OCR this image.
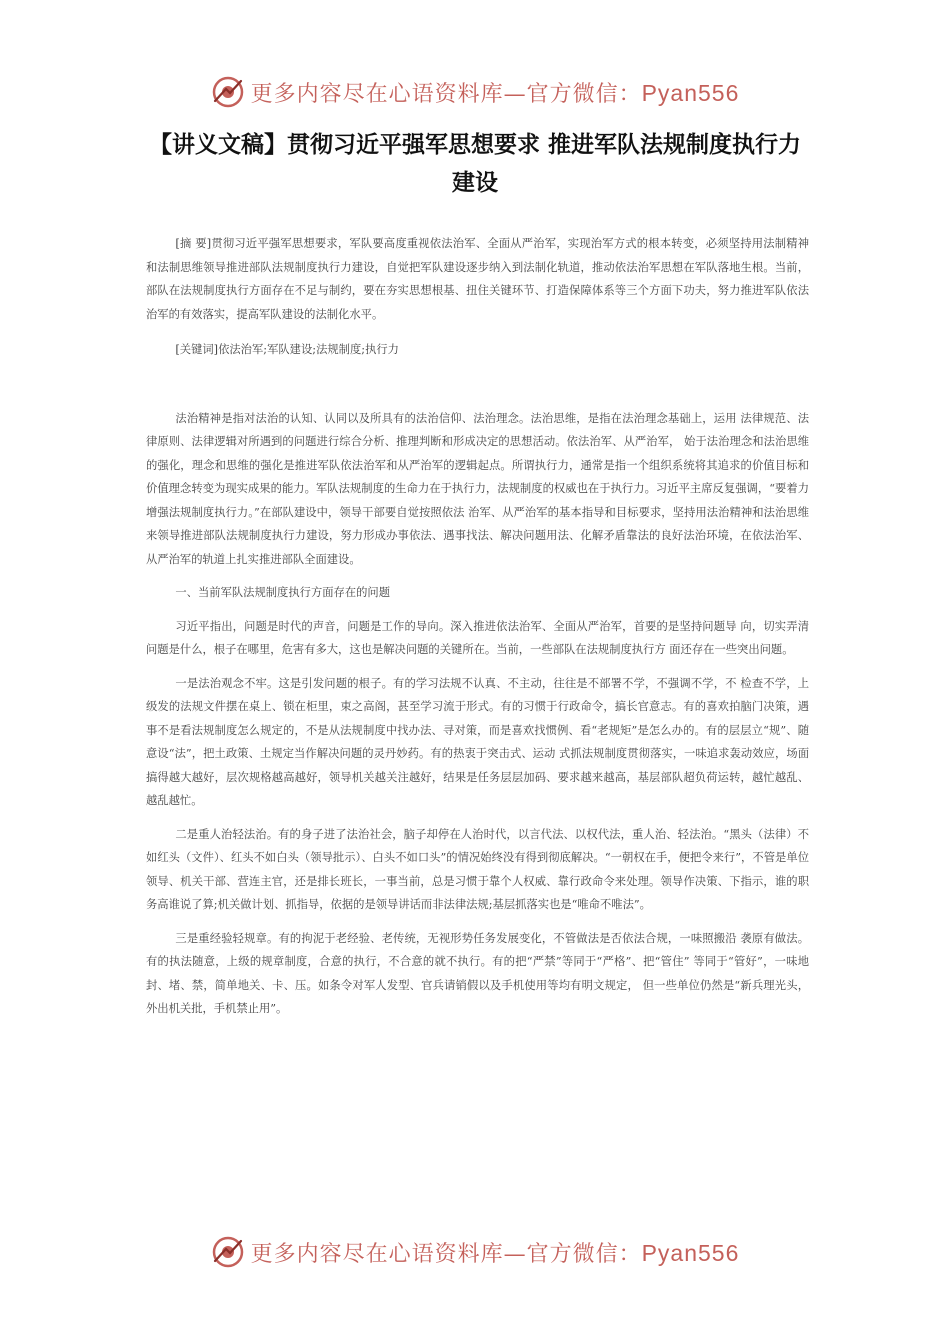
更多内容尽在心语资料库—官方微信：Pyan556
【讲义文稿】贯彻习近平强军思想要求 推进军队法规制度执行力建设

[摘 要]贯彻习近平强军思想要求，军队要高度重视依法治军、全面从严治军，实现治军方式的根本转变，必须坚持用法制精神和法制思维领导推进部队法规制度执行力建设，自觉把军队建设逐步纳入到法制化轨道，推动依法治军思想在军队落地生根。当前，部队在法规制度执行方面存在不足与制约，要在夯实思想根基、扭住关键环节、打造保障体系等三个方面下功夫，努力推进军队依法治军的有效落实，提高军队建设的法制化水平。

[关键词]依法治军;军队建设;法规制度;执行力

法治精神是指对法治的认知、认同以及所具有的法治信仰、法治理念。法治思维，是指在法治理念基础上，运用 法律规范、法律原则、法律逻辑对所遇到的问题进行综合分析、推理判断和形成决定的思想活动。依法治军、从严治军， 始于法治理念和法治思维的强化，理念和思维的强化是推进军队依法治军和从严治军的逻辑起点。所谓执行力，通常是指一个组织系统将其追求的价值目标和价值理念转变为现实成果的能力。军队法规制度的生命力在于执行力，法规制度的权威也在于执行力。习近平主席反复强调，“要着力增强法规制度执行力。”在部队建设中，领导干部要自觉按照依法 治军、从严治军的基本指导和目标要求，坚持用法治精神和法治思维来领导推进部队法规制度执行力建设，努力形成办事依法、遇事找法、解决问题用法、化解矛盾靠法的良好法治环境，在依法治军、从严治军的轨道上扎实推进部队全面建设。

一、当前军队法规制度执行方面存在的问题

习近平指出，问题是时代的声音，问题是工作的导向。深入推进依法治军、全面从严治军，首要的是坚持问题导 向，切实弄清问题是什么，根子在哪里，危害有多大，这也是解决问题的关键所在。当前，一些部队在法规制度执行方 面还存在一些突出问题。

一是法治观念不牢。这是引发问题的根子。有的学习法规不认真、不主动，往往是不部署不学，不强调不学，不 检查不学，上级发的法规文件摆在桌上、锁在柜里，束之高阁，甚至学习流于形式。有的习惯于行政命令，搞长官意志。有的喜欢拍脑门决策，遇事不是看法规制度怎么规定的，不是从法规制度中找办法、寻对策，而是喜欢找惯例、看“老规矩”是怎么办的。有的层层立“规”、随意设“法”，把土政策、土规定当作解决问题的灵丹妙药。有的热衷于突击式、运动 式抓法规制度贯彻落实，一味追求轰动效应，场面搞得越大越好，层次规格越高越好，领导机关越关注越好，结果是任务层层加码、要求越来越高，基层部队超负荷运转，越忙越乱、越乱越忙。

二是重人治轻法治。有的身子进了法治社会，脑子却停在人治时代，以言代法、以权代法，重人治、轻法治。“黑头（法律）不如红头（文件）、红头不如白头（领导批示）、白头不如口头”的情况始终没有得到彻底解决。“一朝权在手，便把令来行”，不管是单位领导、机关干部、营连主官，还是排长班长，一事当前，总是习惯于靠个人权威、靠行政命令来处理。领导作决策、下指示，谁的职务高谁说了算;机关做计划、抓指导，依据的是领导讲话而非法律法规;基层抓落实也是“唯命不唯法”。

三是重经验轻规章。有的拘泥于老经验、老传统，无视形势任务发展变化，不管做法是否依法合规，一味照搬沿 袭原有做法。有的执法随意，上级的规章制度，合意的执行，不合意的就不执行。有的把“严禁”等同于“严格”、把“管住” 等同于“管好”，一味地封、堵、禁，简单地关、卡、压。如条令对军人发型、官兵请销假以及手机使用等均有明文规定， 但一些单位仍然是“新兵理光头，外出机关批，手机禁止用”。

更多内容尽在心语资料库—官方微信：Pyan556
